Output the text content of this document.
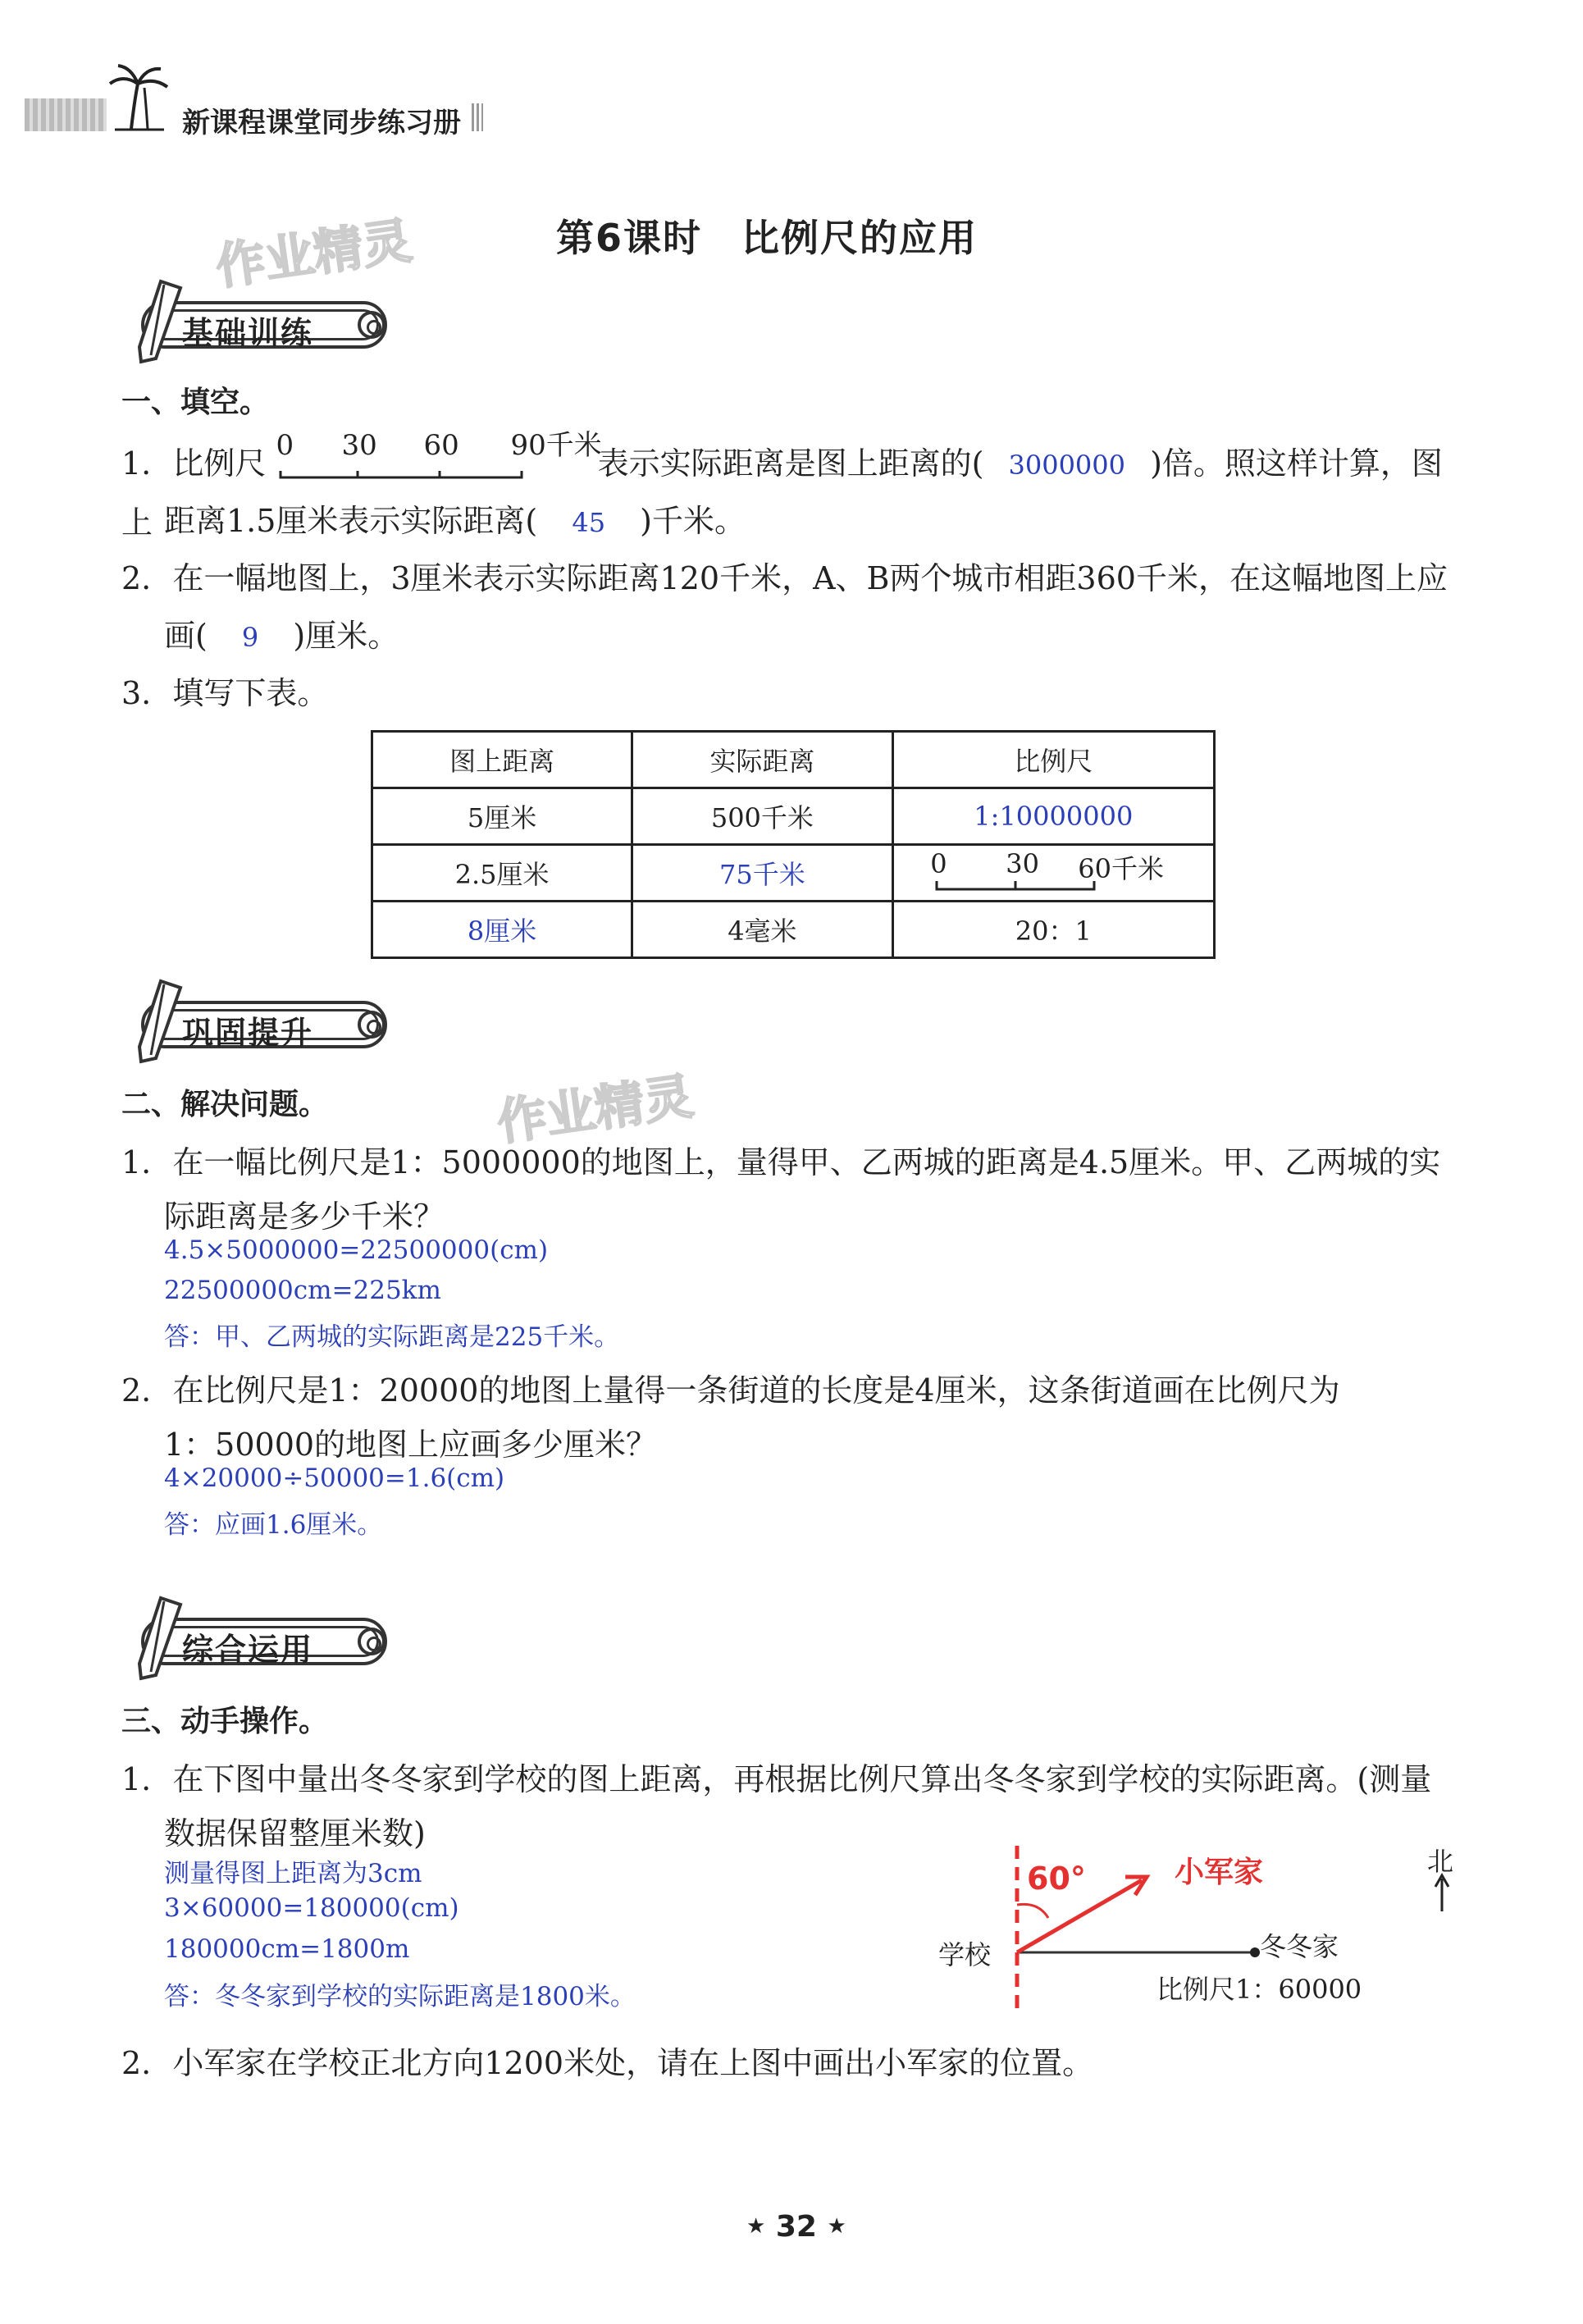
新课程课堂同步练习册
作业精灵
作业精灵
第6课时　比例尺的应用
基础训练
一、填空。
1. 比例尺 0 30 60 90千米
表示实际距离是图上距离的( 3000000 )倍。照这样计算，图上 距离1.5厘米表示实际距离( 45 )千米。
2. 在一幅地图上，3厘米表示实际距离120千米，A、B两个城市相距360千米，在这幅地图上应
画( 9 )厘米。
3. 填写下表。
图上距离	实际距离	比例尺
5厘米	500千米	1:10000000
2.5厘米	75千米	0 30 60千米

8厘米	4毫米	20：1
巩固提升
二、解决问题。
1. 在一幅比例尺是1：5000000的地图上，量得甲、乙两城的距离是4.5厘米。甲、乙两城的实
际距离是多少千米？
4.5×5000000=22500000(cm)
22500000cm=225km
答：甲、乙两城的实际距离是225千米。
2. 在比例尺是1：20000的地图上量得一条街道的长度是4厘米，这条街道画在比例尺为
1：50000的地图上应画多少厘米？
4×20000÷50000=1.6(cm)
答：应画1.6厘米。
综合运用
三、动手操作。
1. 在下图中量出冬冬家到学校的图上距离，再根据比例尺算出冬冬家到学校的实际距离。(测量
数据保留整厘米数)
测量得图上距离为3cm
3×60000=180000(cm)
180000cm=1800m
答：冬冬家到学校的实际距离是1800米。
60°	小军家
学校	冬冬家
比例尺1：60000
北
2. 小军家在学校正北方向1200米处，请在上图中画出小军家的位置。
★ 32 ★
